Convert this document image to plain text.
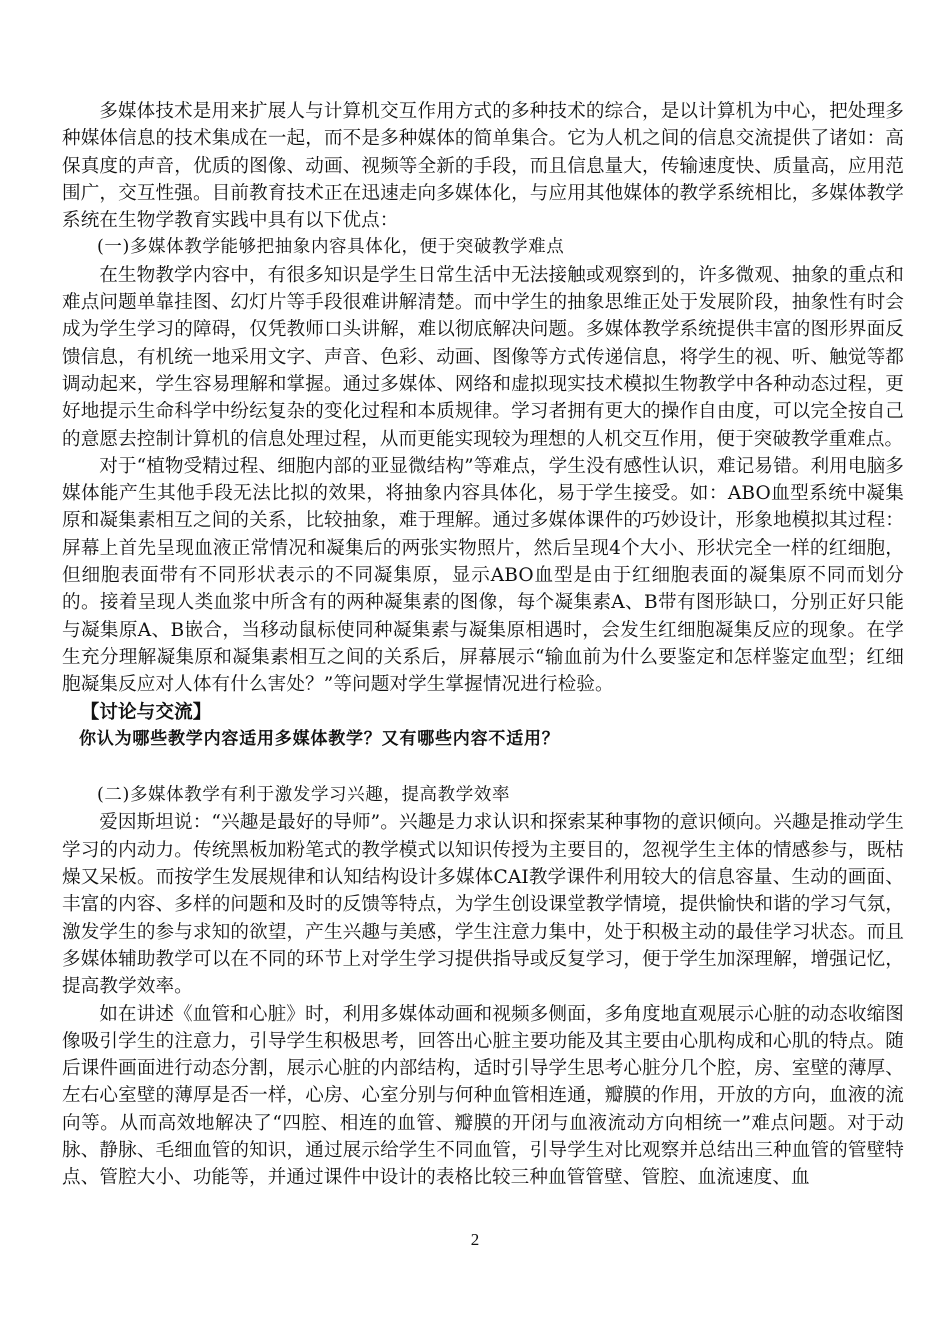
多媒体技术是用来扩展人与计算机交互作用方式的多种技术的综合，是以计算机为中心，把处理多种媒体信息的技术集成在一起，而不是多种媒体的简单集合。它为人机之间的信息交流提供了诸如：高保真度的声音，优质的图像、动画、视频等全新的手段，而且信息量大，传输速度快、质量高，应用范围广，交互性强。目前教育技术正在迅速走向多媒体化，与应用其他媒体的教学系统相比，多媒体教学系统在生物学教育实践中具有以下优点：

(一)多媒体教学能够把抽象内容具体化，便于突破教学难点

在生物教学内容中，有很多知识是学生日常生活中无法接触或观察到的，许多微观、抽象的重点和难点问题单靠挂图、幻灯片等手段很难讲解清楚。而中学生的抽象思维正处于发展阶段，抽象性有时会成为学生学习的障碍，仅凭教师口头讲解，难以彻底解决问题。多媒体教学系统提供丰富的图形界面反馈信息，有机统一地采用文字、声音、色彩、动画、图像等方式传递信息，将学生的视、听、触觉等都调动起来，学生容易理解和掌握。通过多媒体、网络和虚拟现实技术模拟生物教学中各种动态过程，更好地提示生命科学中纷纭复杂的变化过程和本质规律。学习者拥有更大的操作自由度，可以完全按自己的意愿去控制计算机的信息处理过程，从而更能实现较为理想的人机交互作用，便于突破教学重难点。

对于“植物受精过程、细胞内部的亚显微结构”等难点，学生没有感性认识，难记易错。利用电脑多媒体能产生其他手段无法比拟的效果，将抽象内容具体化，易于学生接受。如：ABO血型系统中凝集原和凝集素相互之间的关系，比较抽象，难于理解。通过多媒体课件的巧妙设计，形象地模拟其过程：屏幕上首先呈现血液正常情况和凝集后的两张实物照片，然后呈现4个大小、形状完全一样的红细胞，但细胞表面带有不同形状表示的不同凝集原，显示ABO血型是由于红细胞表面的凝集原不同而划分的。接着呈现人类血浆中所含有的两种凝集素的图像，每个凝集素A、B带有图形缺口，分别正好只能与凝集原A、B嵌合，当移动鼠标使同种凝集素与凝集原相遇时，会发生红细胞凝集反应的现象。在学生充分理解凝集原和凝集素相互之间的关系后，屏幕展示“输血前为什么要鉴定和怎样鉴定血型；红细胞凝集反应对人体有什么害处？”等问题对学生掌握情况进行检验。

【讨论与交流】

你认为哪些教学内容适用多媒体教学？又有哪些内容不适用？

(二)多媒体教学有利于激发学习兴趣，提高教学效率

爱因斯坦说：“兴趣是最好的导师”。兴趣是力求认识和探索某种事物的意识倾向。兴趣是推动学生学习的内动力。传统黑板加粉笔式的教学模式以知识传授为主要目的，忽视学生主体的情感参与，既枯燥又呆板。而按学生发展规律和认知结构设计多媒体CAI教学课件利用较大的信息容量、生动的画面、丰富的内容、多样的问题和及时的反馈等特点，为学生创设课堂教学情境，提供愉快和谐的学习气氛，激发学生的参与求知的欲望，产生兴趣与美感，学生注意力集中，处于积极主动的最佳学习状态。而且多媒体辅助教学可以在不同的环节上对学生学习提供指导或反复学习，便于学生加深理解，增强记忆，提高教学效率。

如在讲述《血管和心脏》时，利用多媒体动画和视频多侧面，多角度地直观展示心脏的动态收缩图像吸引学生的注意力，引导学生积极思考，回答出心脏主要功能及其主要由心肌构成和心肌的特点。随后课件画面进行动态分割，展示心脏的内部结构，适时引导学生思考心脏分几个腔，房、室壁的薄厚、左右心室壁的薄厚是否一样，心房、心室分别与何种血管相连通，瓣膜的作用，开放的方向，血液的流向等。从而高效地解决了“四腔、相连的血管、瓣膜的开闭与血液流动方向相统一”难点问题。对于动脉、静脉、毛细血管的知识，通过展示给学生不同血管，引导学生对比观察并总结出三种血管的管壁特点、管腔大小、功能等，并通过课件中设计的表格比较三种血管管壁、管腔、血流速度、血

2
